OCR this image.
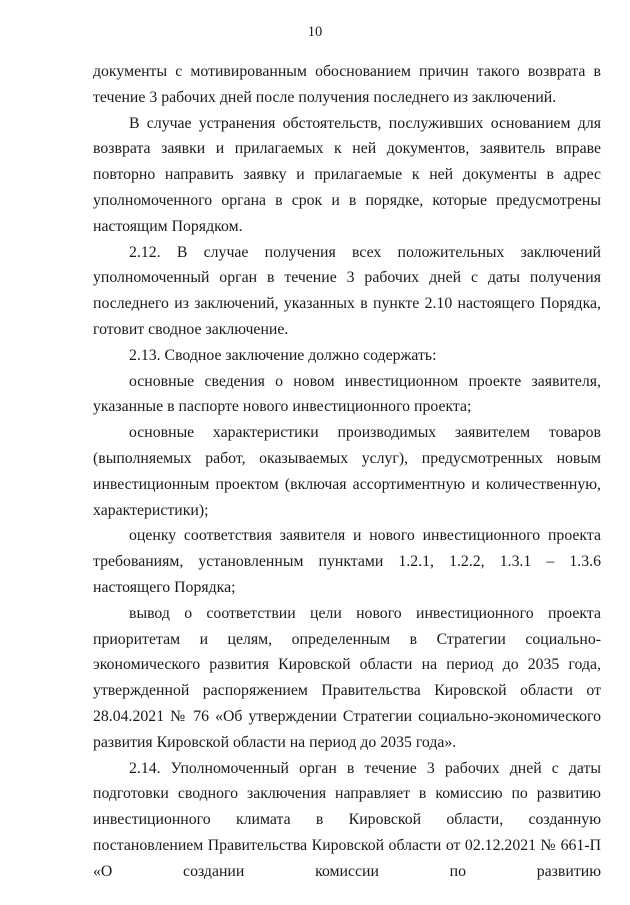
10

документы с мотивированным обоснованием причин такого возврата в течение 3 рабочих дней после получения последнего из заключений.

В случае устранения обстоятельств, послуживших основанием для возврата заявки и прилагаемых к ней документов, заявитель вправе повторно направить заявку и прилагаемые к ней документы в адрес уполномоченного органа в срок и в порядке, которые предусмотрены настоящим Порядком.

2.12. В случае получения всех положительных заключений уполномоченный орган в течение 3 рабочих дней с даты получения последнего из заключений, указанных в пункте 2.10 настоящего Порядка, готовит сводное заключение.

2.13. Сводное заключение должно содержать:

основные сведения о новом инвестиционном проекте заявителя, указанные в паспорте нового инвестиционного проекта;

основные характеристики производимых заявителем товаров (выполняемых работ, оказываемых услуг), предусмотренных новым инвестиционным проектом (включая ассортиментную и количественную, характеристики);

оценку соответствия заявителя и нового инвестиционного проекта требованиям, установленным пунктами 1.2.1, 1.2.2, 1.3.1 – 1.3.6 настоящего Порядка;

вывод о соответствии цели нового инвестиционного проекта приоритетам и целям, определенным в Стратегии социально-экономического развития Кировской области на период до 2035 года, утвержденной распоряжением Правительства Кировской области от 28.04.2021 № 76 «Об утверждении Стратегии социально-экономического развития Кировской области на период до 2035 года».

2.14. Уполномоченный орган в течение 3 рабочих дней с даты подготовки сводного заключения направляет в комиссию по развитию инвестиционного климата в Кировской области, созданную постановлением Правительства Кировской области от 02.12.2021 № 661-П «О создании комиссии по развитию
